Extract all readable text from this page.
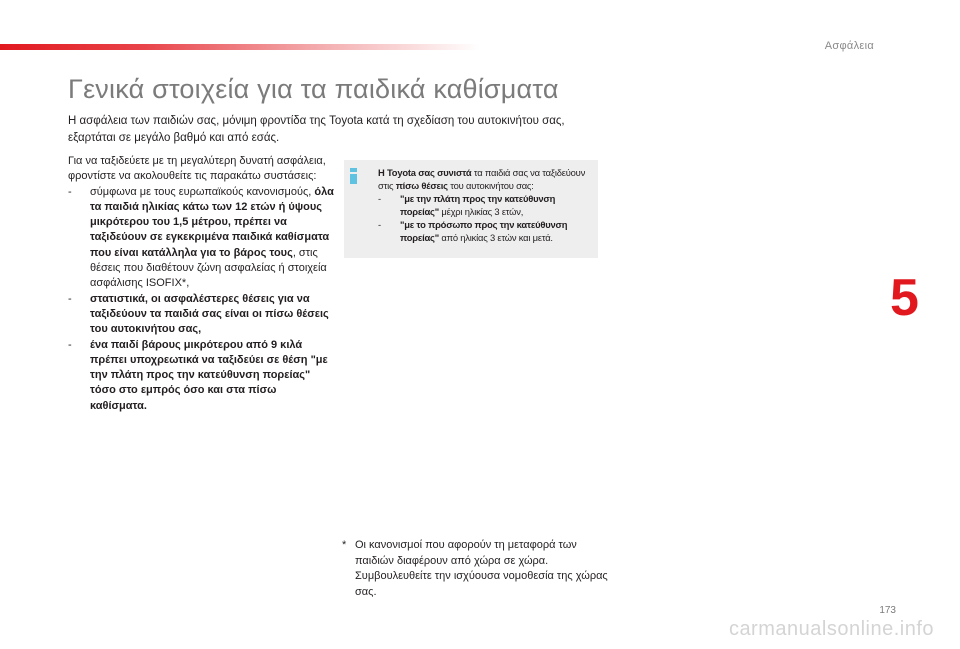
Ασφάλεια
5
Γενικά στοιχεία για τα παιδικά καθίσματα

Η ασφάλεια των παιδιών σας, μόνιμη φροντίδα της Toyota κατά τη σχεδίαση του αυτοκινήτου σας, εξαρτάται σε μεγάλο βαθμό και από εσάς.

Για να ταξιδεύετε με τη μεγαλύτερη δυνατή ασφάλεια, φροντίστε να ακολουθείτε τις παρακάτω συστάσεις:

- σύμφωνα με τους ευρωπαϊκούς κανονισμούς, όλα τα παιδιά ηλικίας κάτω των 12 ετών ή ύψους μικρότερου του 1,5 μέτρου, πρέπει να ταξιδεύουν σε εγκεκριμένα παιδικά καθίσματα που είναι κατάλληλα για το βάρος τους, στις θέσεις που διαθέτουν ζώνη ασφαλείας ή στοιχεία ασφάλισης ISOFIX*,

- στατιστικά, οι ασφαλέστερες θέσεις για να ταξιδεύουν τα παιδιά σας είναι οι πίσω θέσεις του αυτοκινήτου σας,

- ένα παιδί βάρους μικρότερου από 9 κιλά πρέπει υποχρεωτικά να ταξιδεύει σε θέση "με την πλάτη προς την κατεύθυνση πορείας" τόσο στο εμπρός όσο και στα πίσω καθίσματα.

Η Toyota σας συνιστά τα παιδιά σας να ταξιδεύουν στις πίσω θέσεις του αυτοκινήτου σας:

- "με την πλάτη προς την κατεύθυνση πορείας" μέχρι ηλικίας 3 ετών,

- "με το πρόσωπο προς την κατεύθυνση πορείας" από ηλικίας 3 ετών και μετά.

* Οι κανονισμοί που αφορούν τη μεταφορά των παιδιών διαφέρουν από χώρα σε χώρα. Συμβουλευθείτε την ισχύουσα νομοθεσία της χώρας σας.
173
carmanualsonline.info
